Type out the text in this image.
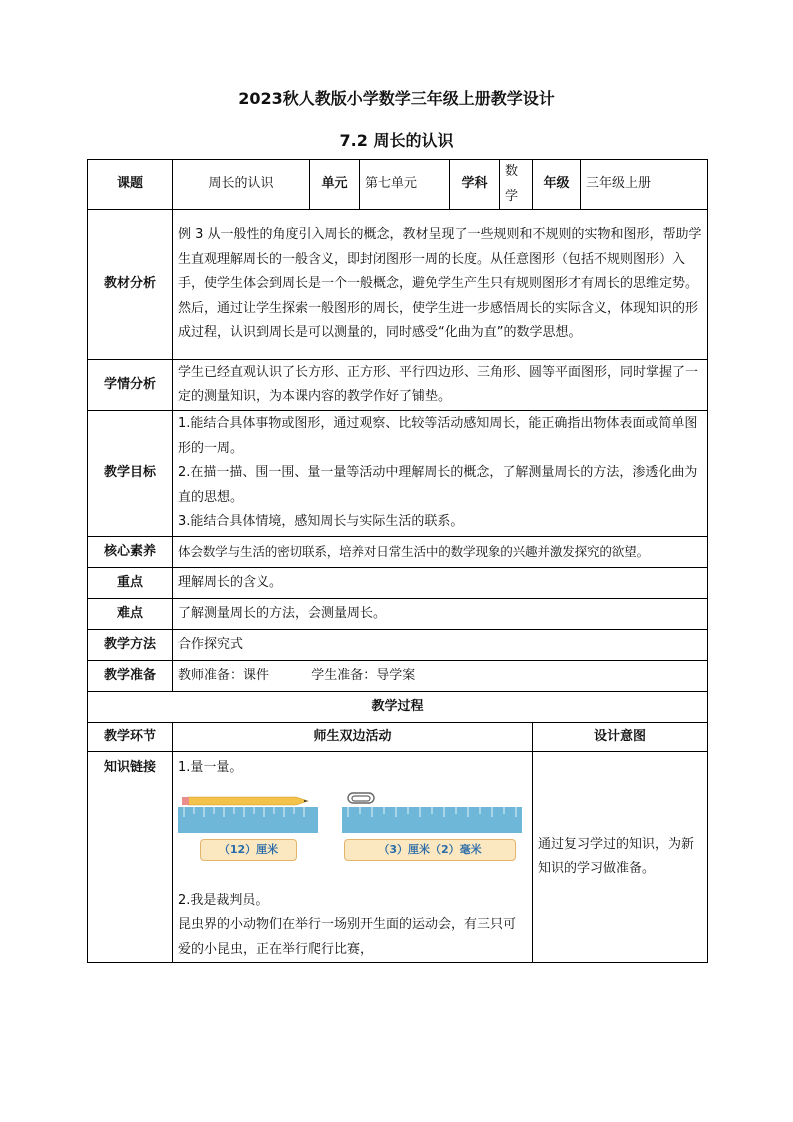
2023秋人教版小学数学三年级上册教学设计
7.2 周长的认识
课题	周长的认识	单元	第七单元	学科	数学	年级	三年级上册
教材分析	例 3 从一般性的角度引入周长的概念，教材呈现了一些规则和不规则的实物和图形，帮助学生直观理解周长的一般含义，即封闭图形一周的长度。从任意图形（包括不规则图形）入手，使学生体会到周长是一个一般概念，避免学生产生只有规则图形才有周长的思维定势。然后，通过让学生探索一般图形的周长，使学生进一步感悟周长的实际含义，体现知识的形成过程，认识到周长是可以测量的，同时感受“化曲为直”的数学思想。						
学情分析	学生已经直观认识了长方形、正方形、平行四边形、三角形、圆等平面图形，同时掌握了一定的测量知识，为本课内容的教学作好了铺垫。						
教学目标	1.能结合具体事物或图形，通过观察、比较等活动感知周长，能正确指出物体表面或简单图形的一周。
2.在描一描、围一围、量一量等活动中理解周长的概念，了解测量周长的方法，渗透化曲为直的思想。
3.能结合具体情境，感知周长与实际生活的联系。						

核心素养	体会数学与生活的密切联系，培养对日常生活中的数学现象的兴趣并激发探究的欲望。						
重点	理解周长的含义。						
难点	了解测量周长的方法，会测量周长。						
教学方法	合作探究式						
教学准备	教师准备：课件 学生准备：导学案						
教学过程							
教学环节	师生双边活动					设计意图	
知识链接	1.量一量。
（12）厘米 （3）厘米（2）毫米
2.我是裁判员。
昆虫界的小动物们在举行一场别开生面的运动会，有三只可爱的小昆虫，正在举行爬行比赛，					通过复习学过的知识，为新知识的学习做准备。	
